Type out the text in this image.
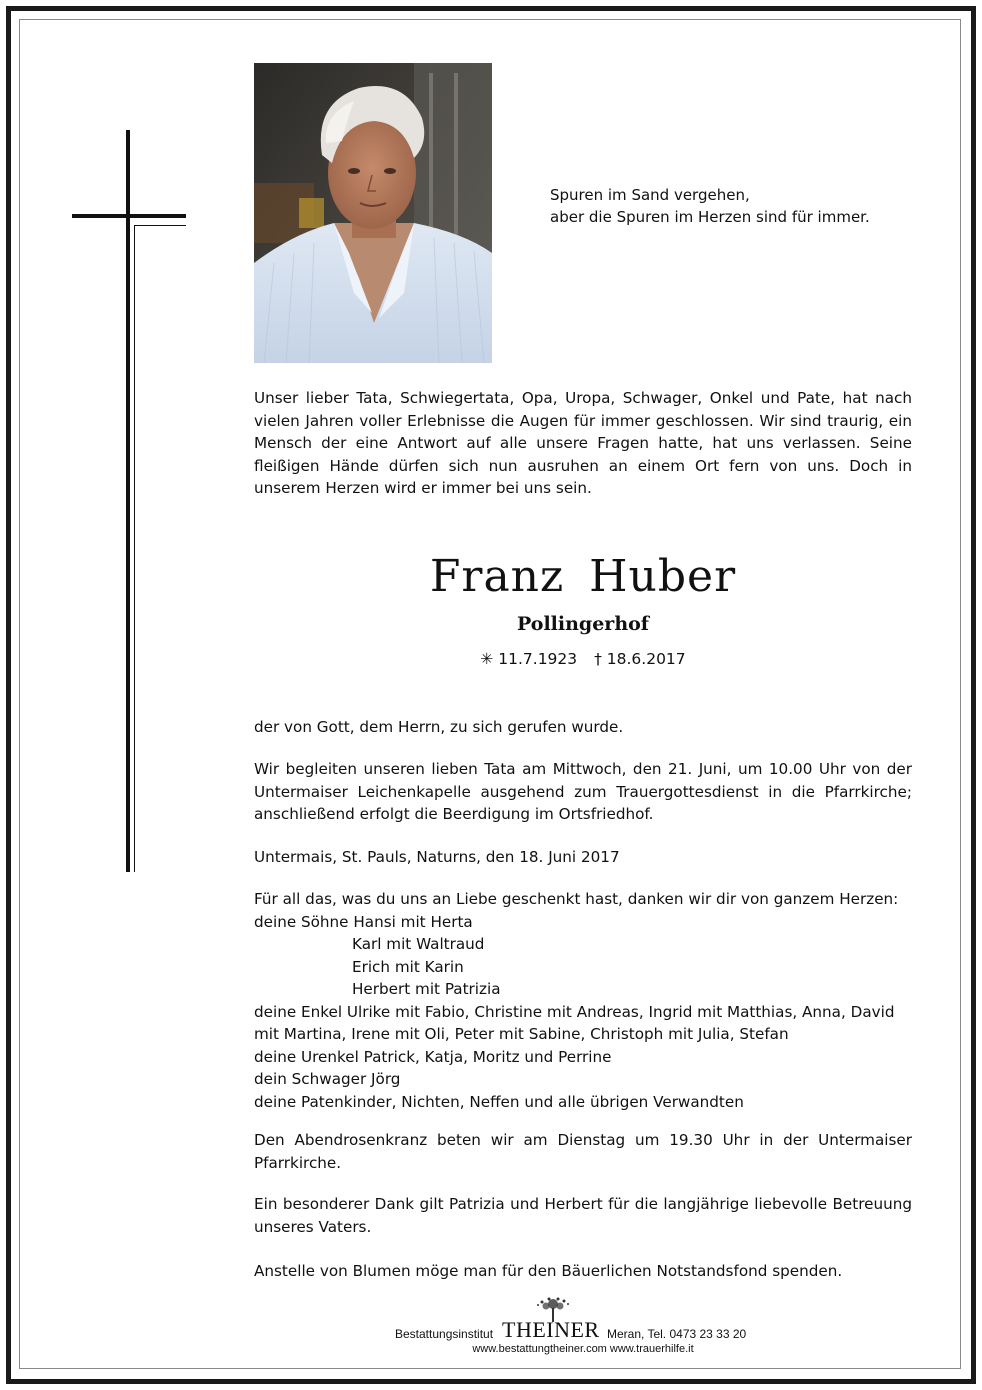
Spuren im Sand vergehen,
aber die Spuren im Herzen sind für immer.
Unser lieber Tata, Schwiegertata, Opa, Uropa, Schwager, Onkel und Pate, hat nach vielen Jahren voller Erlebnisse die Augen für immer geschlossen. Wir sind traurig, ein Mensch der eine Antwort auf alle unsere Fragen hatte, hat uns verlassen. Seine fleißigen Hände dürfen sich nun ausruhen an einem Ort fern von uns. Doch in unserem Herzen wird er immer bei uns sein.
Franz Huber
Pollingerhof
✳ 11.7.1923 † 18.6.2017
der von Gott, dem Herrn, zu sich gerufen wurde.
Wir begleiten unseren lieben Tata am Mittwoch, den 21. Juni, um 10.00 Uhr von der Untermaiser Leichenkapelle ausgehend zum Trauergottesdienst in die Pfarrkirche; anschließend erfolgt die Beerdigung im Ortsfriedhof.
Untermais, St. Pauls, Naturns, den 18. Juni 2017
Für all das, was du uns an Liebe geschenkt hast, danken wir dir von ganzem Herzen:
deine Söhne Hansi mit Herta
Karl mit Waltraud
Erich mit Karin
Herbert mit Patrizia
deine Enkel Ulrike mit Fabio, Christine mit Andreas, Ingrid mit Matthias, Anna, David mit Martina, Irene mit Oli, Peter mit Sabine, Christoph mit Julia, Stefan
deine Urenkel Patrick, Katja, Moritz und Perrine
dein Schwager Jörg
deine Patenkinder, Nichten, Neffen und alle übrigen Verwandten
Den Abendrosenkranz beten wir am Dienstag um 19.30 Uhr in der Untermaiser Pfarrkirche.
Ein besonderer Dank gilt Patrizia und Herbert für die langjährige liebevolle Betreuung unseres Vaters.
Anstelle von Blumen möge man für den Bäuerlichen Notstandsfond spenden.
Bestattungsinstitut THEINER Meran, Tel. 0473 23 33 20
www.bestattungtheiner.com www.trauerhilfe.it
